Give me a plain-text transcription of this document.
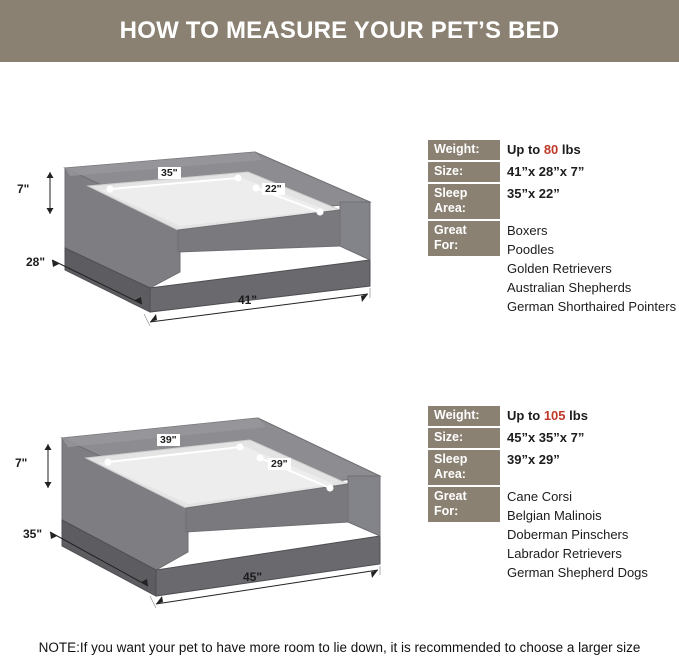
HOW TO MEASURE YOUR PET’S BED
7"
28"
41"
35"
22"
Weight:	Up to 80 lbs
Size:	41”x 28”x 7”
Sleep Area:
35”x 22”
Great For:
Boxers
Poodles
Golden Retrievers
Australian Shepherds
German Shorthaired Pointers
7"
35"
45"
39"
29"
Weight:	Up to 105 lbs
Size:	45”x 35”x 7”
Sleep Area:
39”x 29”
Great For:
Cane Corsi
Belgian Malinois
Doberman Pinschers
Labrador Retrievers
German Shepherd Dogs
NOTE:If you want your pet to have more room to lie down, it is recommended to choose a larger size
